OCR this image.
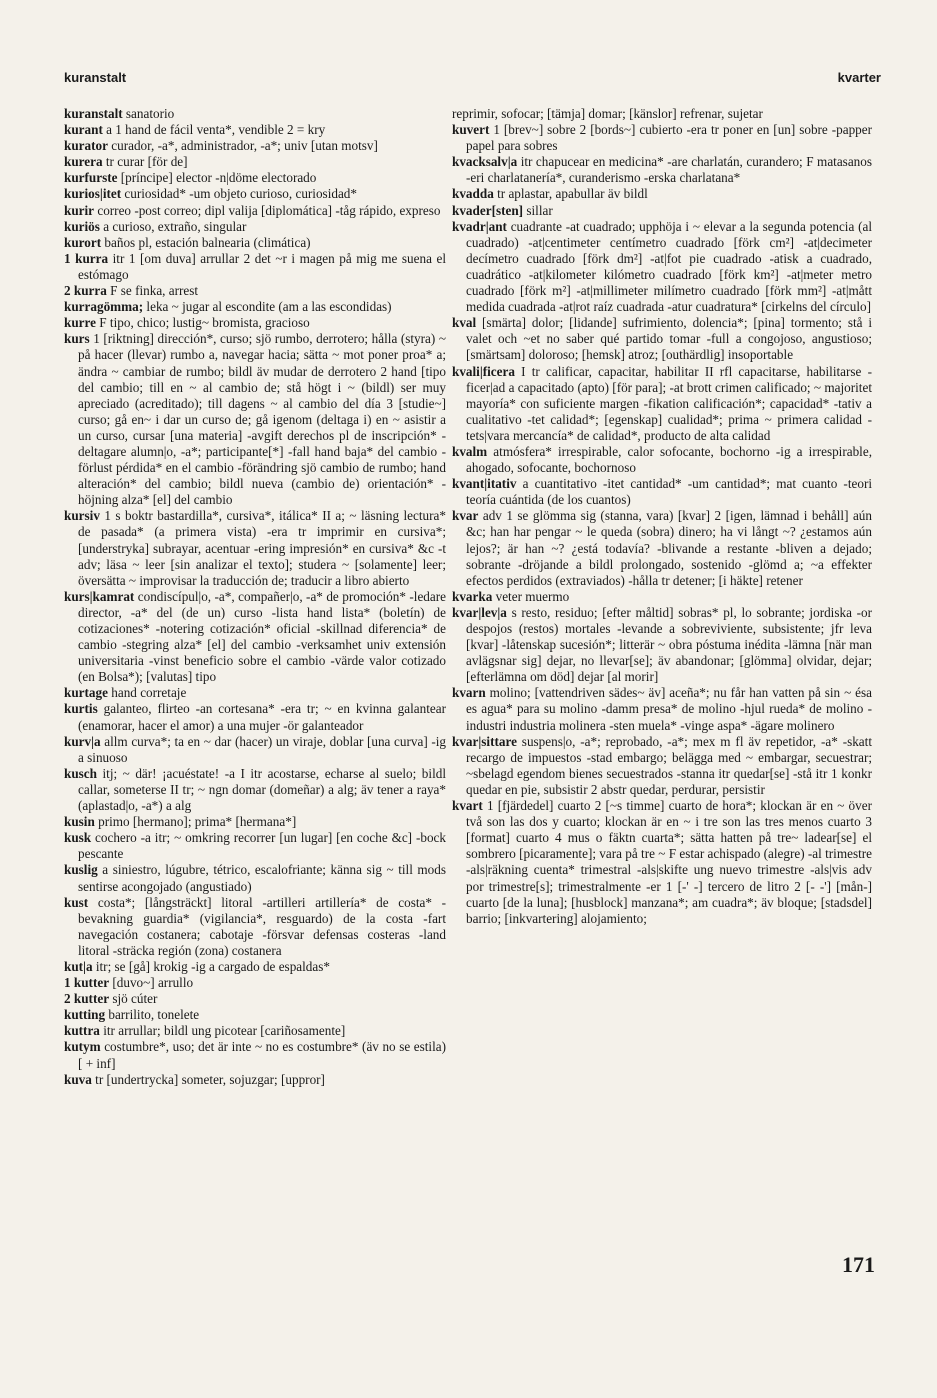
kuranstalt	kvarter

kuranstalt sanatorio

kurant a 1 hand de fácil venta*, vendible 2 = kry

kurator curador, -a*, administrador, -a*; univ [utan motsv]

kurera tr curar [för de]

kurfurste [príncipe] elector -n|döme electorado

kurios|itet curiosidad* -um objeto curioso, curiosidad*

kurir correo -post correo; dipl valija [diplomática] -tåg rápido, expreso

kuriös a curioso, extraño, singular

kurort baños pl, estación balnearia (climática)

1 kurra itr 1 [om duva] arrullar 2 det ~r i magen på mig me suena el estómago

2 kurra F se finka, arrest

kurragömma; leka ~ jugar al escondite (am a las escondidas)

kurre F tipo, chico; lustig~ bromista, gracioso

kurs 1 [riktning] dirección*, curso; sjö rumbo, derrotero; hålla (styra) ~ på hacer (llevar) rumbo a, navegar hacia; sätta ~ mot poner proa* a; ändra ~ cambiar de rumbo; bildl äv mudar de derrotero 2 hand [tipo del cambio; till en ~ al cambio de; stå högt i ~ (bildl) ser muy apreciado (acreditado); till dagens ~ al cambio del día 3 [studie~] curso; gå en~ i dar un curso de; gå igenom (deltaga i) en ~ asistir a un curso, cursar [una materia] -avgift derechos pl de inscripción* -deltagare alumn|o, -a*; participante[*] -fall hand baja* del cambio -förlust pérdida* en el cambio -förändring sjö cambio de rumbo; hand alteración* del cambio; bildl nueva (cambio de) orientación* -höjning alza* [el] del cambio

kursiv 1 s boktr bastardilla*, cursiva*, itálica* II a; ~ läsning lectura* de pasada* (a primera vista) -era tr imprimir en cursiva*; [understryka] subrayar, acentuar -ering impresión* en cursiva* &c -t adv; läsa ~ leer [sin analizar el texto]; studera ~ [solamente] leer; översätta ~ improvisar la traducción de; traducir a libro abierto

kurs|kamrat condiscípul|o, -a*, compañer|o, -a* de promoción* -ledare director, -a* del (de un) curso -lista hand lista* (boletín) de cotizaciones* -notering cotización* oficial -skillnad diferencia* de cambio -stegring alza* [el] del cambio -verksamhet univ extensión universitaria -vinst beneficio sobre el cambio -värde valor cotizado (en Bolsa*); [valutas] tipo

kurtage hand corretaje

kurtis galanteo, flirteo -an cortesana* -era tr; ~ en kvinna galantear (enamorar, hacer el amor) a una mujer -ör galanteador

kurv|a allm curva*; ta en ~ dar (hacer) un viraje, doblar [una curva] -ig a sinuoso

kusch itj; ~ där! ¡acuéstate! -a I itr acostarse, echarse al suelo; bildl callar, someterse II tr; ~ ngn domar (domeñar) a alg; äv tener a raya* (aplastad|o, -a*) a alg

kusin primo [hermano]; prima* [hermana*]

kusk cochero -a itr; ~ omkring recorrer [un lugar] [en coche &c] -bock pescante

kuslig a siniestro, lúgubre, tétrico, escalofriante; känna sig ~ till mods sentirse acongojado (angustiado)

kust costa*; [långsträckt] litoral -artilleri artillería* de costa* -bevakning guardia* (vigilancia*, resguardo) de la costa -fart navegación costanera; cabotaje -försvar defensas costeras -land litoral -sträcka región (zona) costanera

kut|a itr; se [gå] krokig -ig a cargado de espaldas*

1 kutter [duvo~] arrullo

2 kutter sjö cúter

kutting barrilito, tonelete

kuttra itr arrullar; bildl ung picotear [cariñosamente]

kutym costumbre*, uso; det är inte ~ no es costumbre* (äv no se estila) [ + inf]

kuva tr [undertrycka] someter, sojuzgar; [uppror]

reprimir, sofocar; [tämja] domar; [känslor] refrenar, sujetar

kuvert 1 [brev~] sobre 2 [bords~] cubierto -era tr poner en [un] sobre -papper papel para sobres

kvacksalv|a itr chapucear en medicina* -are charlatán, curandero; F matasanos -eri charlatanería*, curanderismo -erska charlatana*

kvadda tr aplastar, apabullar äv bildl

kvader[sten] sillar

kvadr|ant cuadrante -at cuadrado; upphöja i ~ elevar a la segunda potencia (al cuadrado) -at|centimeter centímetro cuadrado [förk cm²] -at|decimeter decímetro cuadrado [förk dm²] -at|fot pie cuadrado -atisk a cuadrado, cuadrático -at|kilometer kilómetro cuadrado [förk km²] -at|meter metro cuadrado [förk m²] -at|millimeter milímetro cuadrado [förk mm²] -at|mått medida cuadrada -at|rot raíz cuadrada -atur cuadratura* [cirkelns del círculo]

kval [smärta] dolor; [lidande] sufrimiento, dolencia*; [pina] tormento; stå i valet och ~et no saber qué partido tomar -full a congojoso, angustioso; [smärtsam] doloroso; [hemsk] atroz; [outhärdlig] insoportable

kvali|ficera I tr calificar, capacitar, habilitar II rfl capacitarse, habilitarse -ficer|ad a capacitado (apto) [för para]; -at brott crimen calificado; ~ majoritet mayoría* con suficiente margen -fikation calificación*; capacidad* -tativ a cualitativo -tet calidad*; [egenskap] cualidad*; prima ~ primera calidad -tets|vara mercancía* de calidad*, producto de alta calidad

kvalm atmósfera* irrespirable, calor sofocante, bochorno -ig a irrespirable, ahogado, sofocante, bochornoso

kvant|itativ a cuantitativo -itet cantidad* -um cantidad*; mat cuanto -teori teoría cuántida (de los cuantos)

kvar adv 1 se glömma sig (stanna, vara) [kvar] 2 [igen, lämnad i behåll] aún &c; han har pengar ~ le queda (sobra) dinero; ha vi långt ~? ¿estamos aún lejos?; är han ~? ¿está todavía? -blivande a restante -bliven a dejado; sobrante -dröjande a bildl prolongado, sostenido -glömd a; ~a effekter efectos perdidos (extraviados) -hålla tr detener; [i häkte] retener

kvarka veter muermo

kvar|lev|a s resto, residuo; [efter måltid] sobras* pl, lo sobrante; jordiska -or despojos (restos) mortales -levande a sobreviviente, subsistente; jfr leva [kvar] -låtenskap sucesión*; litterär ~ obra póstuma inédita -lämna [när man avlägsnar sig] dejar, no llevar[se]; äv abandonar; [glömma] olvidar, dejar; [efterlämna om död] dejar [al morir]

kvarn molino; [vattendriven sädes~ äv] aceña*; nu får han vatten på sin ~ ésa es agua* para su molino -damm presa* de molino -hjul rueda* de molino -industri industria molinera -sten muela* -vinge aspa* -ägare molinero

kvar|sittare suspens|o, -a*; reprobado, -a*; mex m fl äv repetidor, -a* -skatt recargo de impuestos -stad embargo; belägga med ~ embargar, secuestrar; ~sbelagd egendom bienes secuestrados -stanna itr quedar[se] -stå itr 1 konkr quedar en pie, subsistir 2 abstr quedar, perdurar, persistir

kvart 1 [fjärdedel] cuarto 2 [~s timme] cuarto de hora*; klockan är en ~ över två son las dos y cuarto; klockan är en ~ i tre son las tres menos cuarto 3 [format] cuarto 4 mus o fäktn cuarta*; sätta hatten på tre~ ladear[se] el sombrero [picaramente]; vara på tre ~ F estar achispado (alegre) -al trimestre -als|räkning cuenta* trimestral -als|skifte ung nuevo trimestre -als|vis adv por trimestre[s]; trimestralmente -er 1 [-' -] tercero de litro 2 [- -'] [mån-] cuarto [de la luna]; [husblock] manzana*; am cuadra*; äv bloque; [stadsdel] barrio; [inkvartering] alojamiento;

171
